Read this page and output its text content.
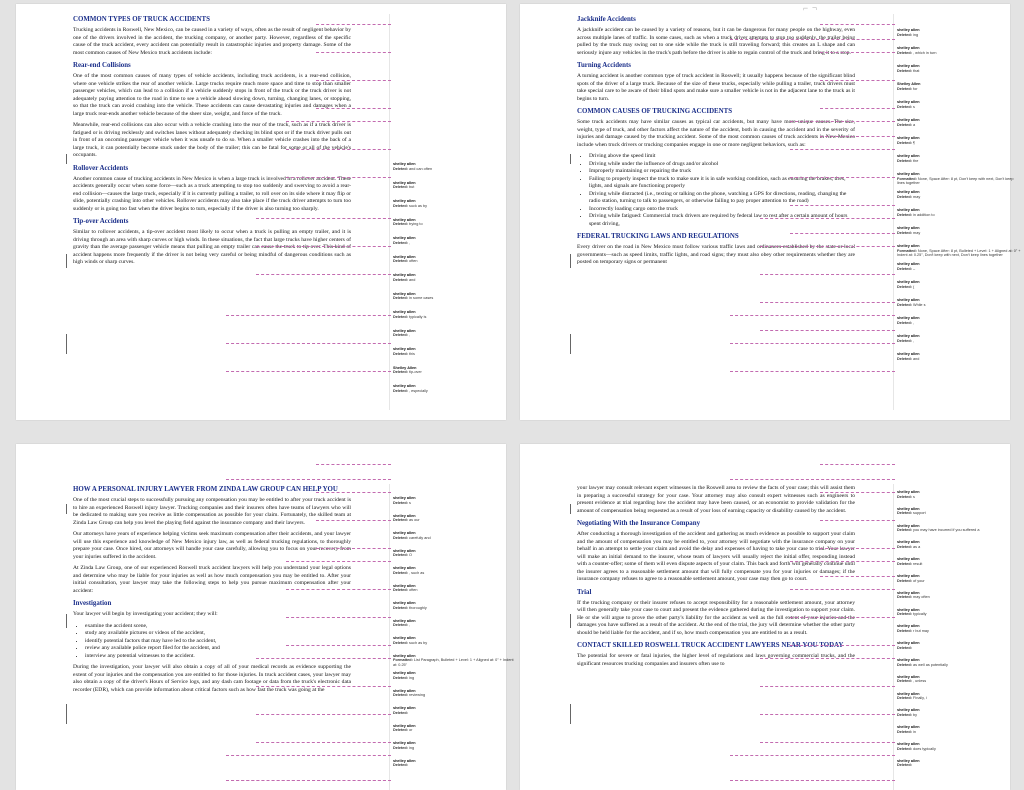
COMMON TYPES OF TRUCK ACCIDENTS

Trucking accidents in Roswell, New Mexico, can be caused in a variety of ways, often as the result of negligent behavior by one of the drivers involved in the accident, the trucking company, or another party. However, regardless of the specific cause of the truck accident, every accident can potentially result in catastrophic injuries and property damage. Some of the most common causes of New Mexico truck accidents include:

Rear-end Collisions

One of the most common causes of many types of vehicle accidents, including truck accidents, is a rear-end collision, where one vehicle strikes the rear of another vehicle. Large trucks require much more space and time to stop than smaller passenger vehicles, which can lead to a collision if a vehicle suddenly stops in front of the truck or the truck driver is not adequately paying attention to the road in time to see a vehicle ahead slowing down, turning, changing lanes, or stopping, so that the truck can avoid crashing into the vehicle. These accidents can cause devastating injuries and damages when a large truck rear-ends another vehicle because of the sheer size, weight, and force of the truck.

Meanwhile, rear-end collisions can also occur with a vehicle crashing into the rear of the truck, such as if a truck driver is fatigued or is driving recklessly and switches lanes without adequately checking its blind spot or if the truck driver pulls out in front of an oncoming passenger vehicle when it was unsafe to do so. When a smaller vehicle crashes into the back of a large truck, it can potentially become stuck under the body of the trailer; this can be fatal for some or all of the vehicle's occupants.

Rollover Accidents

Another common cause of trucking accidents in New Mexico is when a large truck is involved in a rollover accident. These accidents generally occur when some force—such as a truck attempting to stop too suddenly and swerving to avoid a rear-end collision—causes the large truck, especially if it is currently pulling a trailer, to roll over on its side where it may flip or slide, potentially crashing into other vehicles. Rollover accidents may also take place if the truck driver attempts to turn too suddenly or is going too fast when the driver begins to turn, especially if the driver is also turning too sharply.

Tip-over Accidents

Similar to rollover accidents, a tip-over accident most likely to occur when a truck is pulling an empty trailer, and it is driving through an area with sharp curves or high winds. In these situations, the fact that large trucks have higher centers of gravity than the average passenger vehicle means that pulling an empty trailer can cause the truck to tip over. This kind of accident happens more frequently if the driver is not being very careful or being mindful of dangerous conditions such as high winds or sharp curves.

shelley allen
Deleted: and can often
shelley allen
Deleted: but
shelley allen
Deleted: suck as by
shelley allen
Deleted: trying to
shelley allen
Deleted: ,
shelley allen
Deleted: often
shelley allen
Deleted: and
shelley allen
Deleted: in some cases
shelley allen
Deleted: typically is
shelley allen
Deleted: ,
shelley allen
Deleted: this
Shelley Allen
Deleted: tip-over
shelley allen
Deleted: , especially
⌐ ¬
Jackknife Accidents

A jackknife accident can be caused by a variety of reasons, but it can be dangerous for many people on the highway, even across multiple lanes of traffic. In some cases, such as when a truck driver attempts to stop too suddenly, the trailer being pulled by the truck may swing out to one side while the truck is still traveling forward; this creates an L shape and can seriously injure any vehicles in the truck's path before the driver is able to regain control of the truck and bring it to a stop.

Turning Accidents

A turning accident is another common type of truck accident in Roswell; it usually happens because of the significant blind spots of the driver of a large truck. Because of the size of these trucks, especially while pulling a trailer, truck drivers must take special care to be aware of their blind spots and make sure a smaller vehicle is not in the adjacent lane to the truck as it begins to turn.

COMMON CAUSES OF TRUCKING ACCIDENTS

Some truck accidents may have similar causes as typical car accidents, but many have more unique causes. The size, weight, type of truck, and other factors affect the nature of the accident, both in causing the accident and in the severity of injuries and damage caused by the trucking accident. Some of the most common causes of truck accidents in New Mexico include when truck drivers or trucking companies engage in one or more negligent behaviors, such as:

• Driving above the speed limit
• Driving while under the influence of drugs and/or alcohol
• Improperly maintaining or repairing the truck
• Failing to properly inspect the truck to make sure it is in safe working condition, such as ensuring the brakes, tires, lights, and signals are functioning properly
• Driving while distracted (i.e., texting or talking on the phone, watching a GPS for directions, reading, changing the radio station, turning to talk to passengers, or otherwise failing to pay proper attention to the road)
• Incorrectly loading cargo onto the truck
• Driving while fatigued: Commercial truck drivers are required by federal law to rest after a certain amount of hours spent driving,
FEDERAL TRUCKING LAWS AND REGULATIONS

Every driver on the road in New Mexico must follow various traffic laws and ordinances established by the state or local governments—such as speed limits, traffic lights, and road signs; they must also obey other requirements whether they are posted on temporary signs or permanent

shelley allen
Deleted: ing
shelley allen
Deleted: , which in turn
shelley allen
Deleted: that
Shelley Allen
Deleted: for
shelley allen
Deleted: s
shelley allen
Deleted: a
shelley allen
Deleted: ¶
shelley allen
Deleted: the
shelley allen
Formatted: None, Space After: 8 pt, Don't keep with next, Don't keep lines together
shelley allen
Deleted: may
shelley allen
Deleted: in addition to
shelley allen
Deleted: may
shelley allen
Formatted: None, Space After: 8 pt, Bulleted + Level: 1 + Aligned at: 0" + Indent at: 0.25", Don't keep with next, Don't keep lines together
shelley allen
Deleted: –
shelley allen
Deleted: (
shelley allen
Deleted: While s
shelley allen
Deleted: ,
shelley allen
Deleted: ,
shelley allen
Deleted: and
HOW A PERSONAL INJURY LAWYER FROM ZINDA LAW GROUP CAN HELP YOU

One of the most crucial steps to successfully pursuing any compensation you may be entitled to after your truck accident is to hire an experienced Roswell injury lawyer. Trucking companies and their insurers often have teams of lawyers who will be dedicated to making sure you receive as little compensation as possible for your claim. Fortunately, the skilled team at Zinda Law Group can help you level the playing field against the insurance company and their lawyers.

Our attorneys have years of experience helping victims seek maximum compensation after their accidents, and your lawyer will use this experience and knowledge of New Mexico injury law, as well as federal trucking regulations, to thoroughly prepare your case. Once hired, our attorneys will handle your case carefully, allowing you to focus on your recovery from your injuries suffered in the accident.

At Zinda Law Group, one of our experienced Roswell truck accident lawyers will help you understand your legal options and determine who may be liable for your injuries as well as how much compensation you may be entitled to. After your initial consultation, your lawyer may take the following steps to help you pursue maximum compensation after your accident:

Investigation

Your lawyer will begin by investigating your accident; they will:

• examine the accident scene,
• study any available pictures or videos of the accident,
• identify potential factors that may have led to the accident,
• review any available police report filed for the accident, and
• interview any potential witnesses to the accident.

During the investigation, your lawyer will also obtain a copy of all of your medical records as evidence supporting the extent of your injuries and the compensation you are entitled to for those injuries. In truck accident cases, your lawyer may also obtain a copy of the driver's Hours of Service logs, and any dash cam footage or data from the truck's electronic data recorder (EDR), which can provide information about critical factors such as how fast the truck was going at the

shelley allen
Deleted: s
shelley allen
Deleted: as our
shelley allen
Deleted: carefully and
shelley allen
Deleted: O
shelley allen
Deleted: , such as
shelley allen
Deleted: often
shelley allen
Deleted: thoroughly
shelley allen
Deleted: ,
shelley allen
Deleted: such as by
shelley allen
Formatted: List Paragraph, Bulleted + Level: 1 + Aligned at: 0" + Indent at: 0.25"
shelley allen
Deleted: ing
shelley allen
Deleted: reviewing
shelley allen
Deleted:
shelley allen
Deleted: or
shelley allen
Deleted: ing
shelley allen
Deleted:

your lawyer may consult relevant expert witnesses in the Roswell area to review the facts of your case; this will assist them in preparing a successful strategy for your case. Your attorney may also consult expert witnesses such as engineers to present evidence at trial regarding how the accident may have been caused, or an economist to provide validation for the amount of compensation being requested as a result of your loss of earning capacity or disability caused by the accident.

Negotiating With the Insurance Company

After conducting a thorough investigation of the accident and gathering as much evidence as possible to support your claim and the amount of compensation you may be entitled to, your attorney will negotiate with the insurance company on your behalf in an attempt to settle your claim and avoid the delay and expenses of having to take your case to trial. Your lawyer will make an initial demand to the insurer, whose team of lawyers will usually reject the initial offer, responding instead with a counter-offer; some of them will even dispute aspects of your claim. This back and forth will generally continue until the insurer agrees to a reasonable settlement amount that will fully compensate you for your injuries or damages; if the insurance company refuses to agree to a reasonable settlement amount, your case may then go to court.

Trial

If the trucking company or their insurer refuses to accept responsibility for a reasonable settlement amount, your attorney will then generally take your case to court and present the evidence gathered during the investigation to support your claim. He or she will argue to prove the other party's liability for the accident as well as the full extent of your injuries and the damages you have suffered as a result of the accident. At the end of the trial, the jury will determine whether the other party should be held liable for the accident, and if so, how much compensation you are entitled to as a result.

CONTACT SKILLED ROSWELL TRUCK ACCIDENT LAWYERS NEAR YOU TODAY

The potential for severe or fatal injuries, the higher level of regulations and laws governing commercial trucks, and the significant resources trucking companies and insurers often use to

shelley allen
Deleted: s
shelley allen
Deleted: support
shelley allen
Deleted: you may have incurred if you suffered a
shelley allen
Deleted: as a
shelley allen
Deleted: result
shelley allen
Deleted: of your
shelley allen
Deleted: may often
shelley allen
Deleted: typically
shelley allen
Deleted: r but may
shelley allen
Deleted:
shelley allen
Deleted: as well as potentially
shelley allen
Deleted: , unless
shelley allen
Deleted: Finally, i
shelley allen
Deleted: by
shelley allen
Deleted: in
shelley allen
Deleted: does typically
shelley allen
Deleted:
